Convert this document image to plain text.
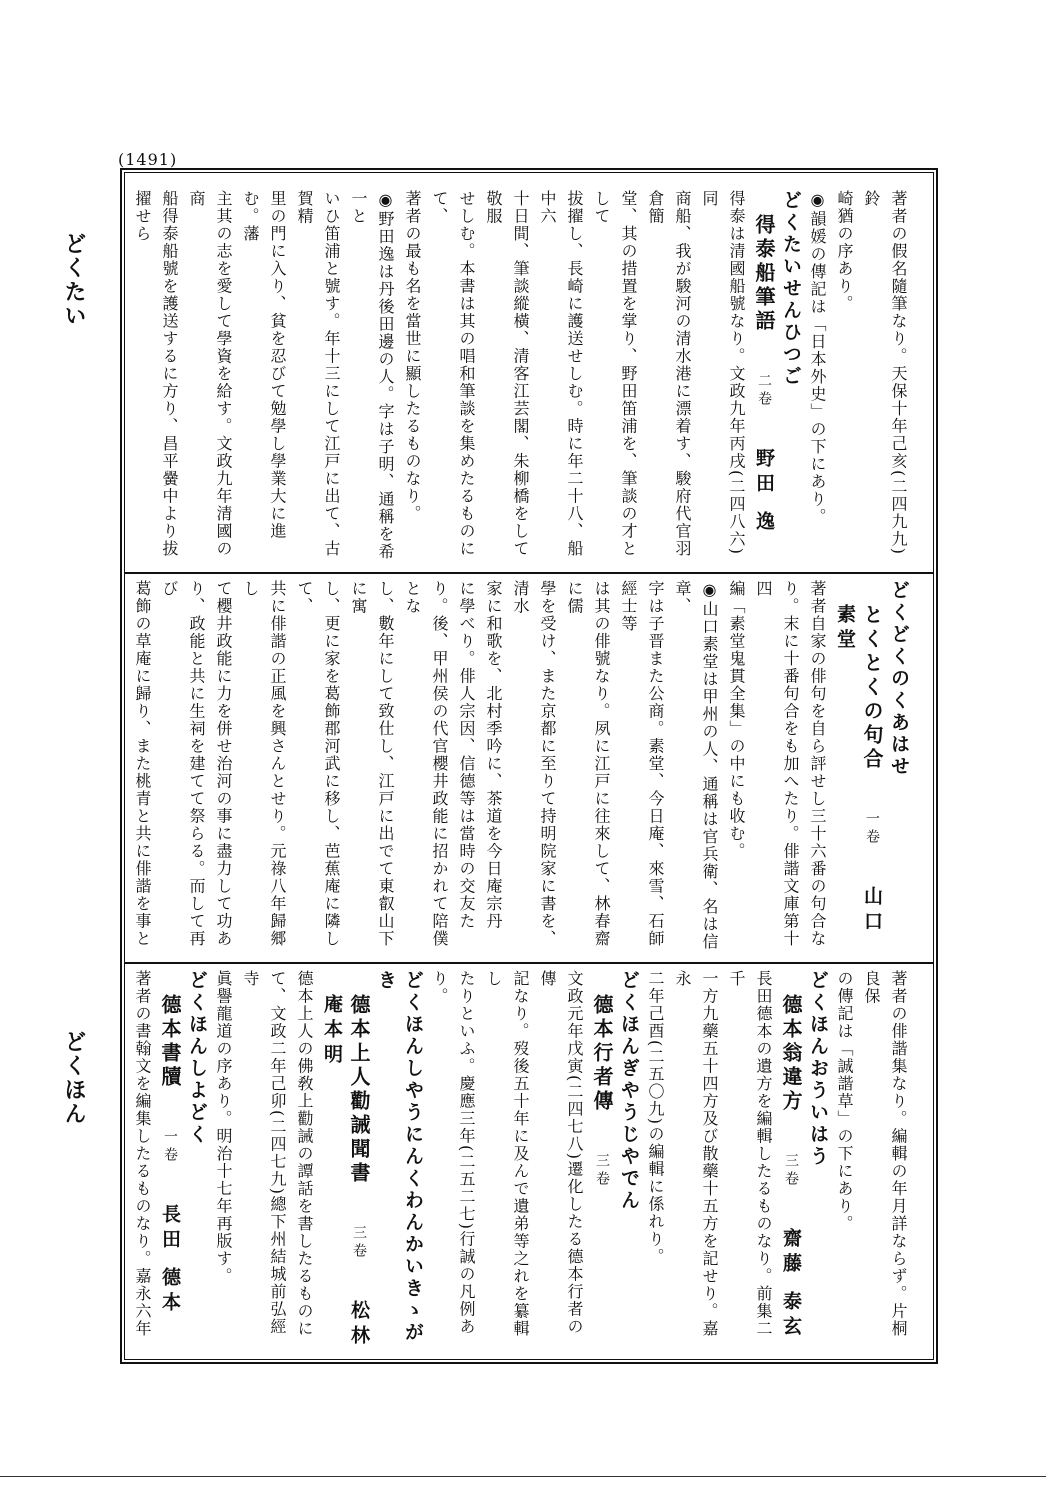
(1491)
どくたい
どくほん

著者の假名隨筆なり。天保十年己亥(二四九九)鈴

崎猶の序あり。

◉韻媛の傳記は「日本外史」の下にあり。

どくたいせんひつご
得泰船筆語 二卷 野田 逸

得泰は清國船號なり。文政九年丙戌(二四八六)同

商船、我が駿河の清水港に漂着す、駿府代官羽倉簡

堂、其の措置を掌り、野田笛浦を、筆談の才として

拔擢し、長崎に護送せしむ。時に年二十八、船中六

十日間、筆談縱橫、清客江芸閣、朱柳橋をして敬服

せしむ。本書は其の唱和筆談を集めたるものにて、

著者の最も名を當世に顯したるものなり。

◉野田逸は丹後田邊の人。字は子明、通稱を希一と

いひ笛浦と號す。年十三にして江戸に出て、古賀精

里の門に入り、貧を忍びて勉學し學業大に進む。藩

主其の志を愛して學資を給す。文政九年清國の商

船得泰船號を護送するに方り、昌平黌中より拔擢せら

どくどくのくあはせ
とくとくの句合 一卷 山口 素堂

著者自家の俳句を自ら評せし三十六番の句合な

り。末に十番句合をも加へたり。俳諧文庫第十四

編「素堂鬼貫全集」の中にも收む。

◉山口素堂は甲州の人、通稱は官兵衛、名は信章、

字は子晋また公商。素堂、今日庵、來雪、石師經士等

は其の俳號なり。夙に江戸に往來して、林春齋に儒

學を受け、また京都に至りて持明院家に書を、清水

家に和歌を、北村季吟に、茶道を今日庵宗丹

に學べり。俳人宗因、信德等は當時の交友た

り。後、甲州侯の代官櫻井政能に招かれて陪僕とな

し、數年にして致仕し、江戸に出でて東叡山下に寓

し、更に家を葛飾郡河武に移し、芭蕉庵に隣して、

共に俳諧の正風を興さんとせり。元祿八年歸郷し

て櫻井政能に力を併せ治河の事に盡力して功あ

り、政能と共に生祠を建てて祭らる。而して再び

葛飾の草庵に歸り、また桃青と共に俳諧を事と

著者の俳諧集なり。編輯の年月詳ならず。片桐良保

の傳記は「誠諧草」の下にあり。

どくほんおういはう
德本翁違方 三卷 齋藤 泰玄

長田德本の遺方を編輯したるものなり。前集二千

一方九藥五十四方及び散藥十五方を記せり。嘉永

二年己酉(二五〇九)の編輯に係れり。

どくほんぎやうじやでん
德本行者傳 三卷

文政元年戊寅(二四七八)遷化したる德本行者の傳

記なり。歿後五十年に及んで遺弟等之れを纂輯し

たりといふ。慶應三年(二五二七)行誠の凡例あり。

どくほんしやうにんくわんかいきゝがき
德本上人勸誡聞書 三卷 松林庵本明

德本上人の佛敎上勸誡の譚話を書したるものに

て、文政二年己卯(二四七九)總下州結城前弘經寺

眞譽龍道の序あり。明治十七年再版す。

どくほんしよどく
德本書牘 一卷 長田 德本

著者の書翰文を編集したるものなり。嘉永六年
